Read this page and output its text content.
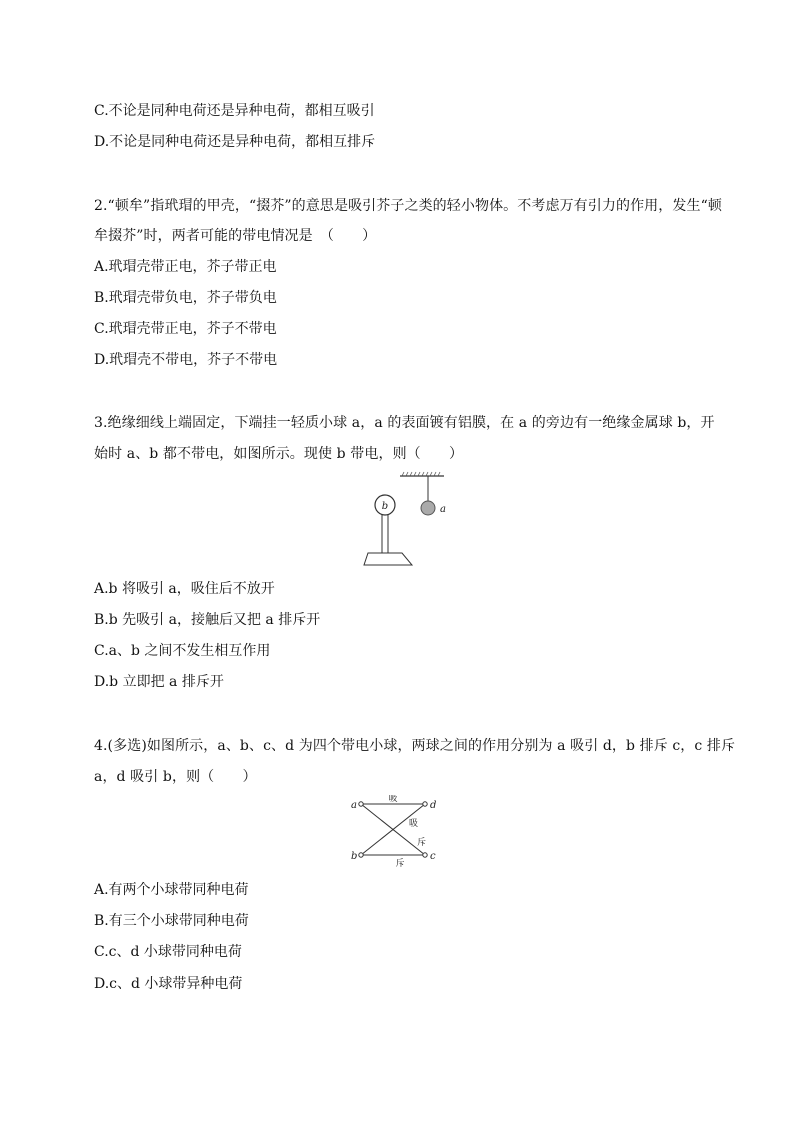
C.不论是同种电荷还是异种电荷，都相互吸引
D.不论是同种电荷还是异种电荷，都相互排斥
2.“顿牟”指玳瑁的甲壳，“掇芥”的意思是吸引芥子之类的轻小物体。不考虑万有引力的作用，发生“顿
牟掇芥”时，两者可能的带电情况是　（　　）
A.玳瑁壳带正电，芥子带正电
B.玳瑁壳带负电，芥子带负电
C.玳瑁壳带正电，芥子不带电
D.玳瑁壳不带电，芥子不带电
3.绝缘细线上端固定，下端挂一轻质小球 a，a 的表面镀有铝膜，在 a 的旁边有一绝缘金属球 b，开
始时 a、b 都不带电，如图所示。现使 b 带电，则（　　）
b	a
A.b 将吸引 a，吸住后不放开
B.b 先吸引 a，接触后又把 a 排斥开
C.a、b 之间不发生相互作用
D.b 立即把 a 排斥开
4.(多选)如图所示，a、b、c、d 为四个带电小球，两球之间的作用分别为 a 吸引 d，b 排斥 c，c 排斥
a，d 吸引 b，则（　　）
a	d
b	c
吸
斥
吸
斥
A.有两个小球带同种电荷
B.有三个小球带同种电荷
C.c、d 小球带同种电荷
D.c、d 小球带异种电荷
